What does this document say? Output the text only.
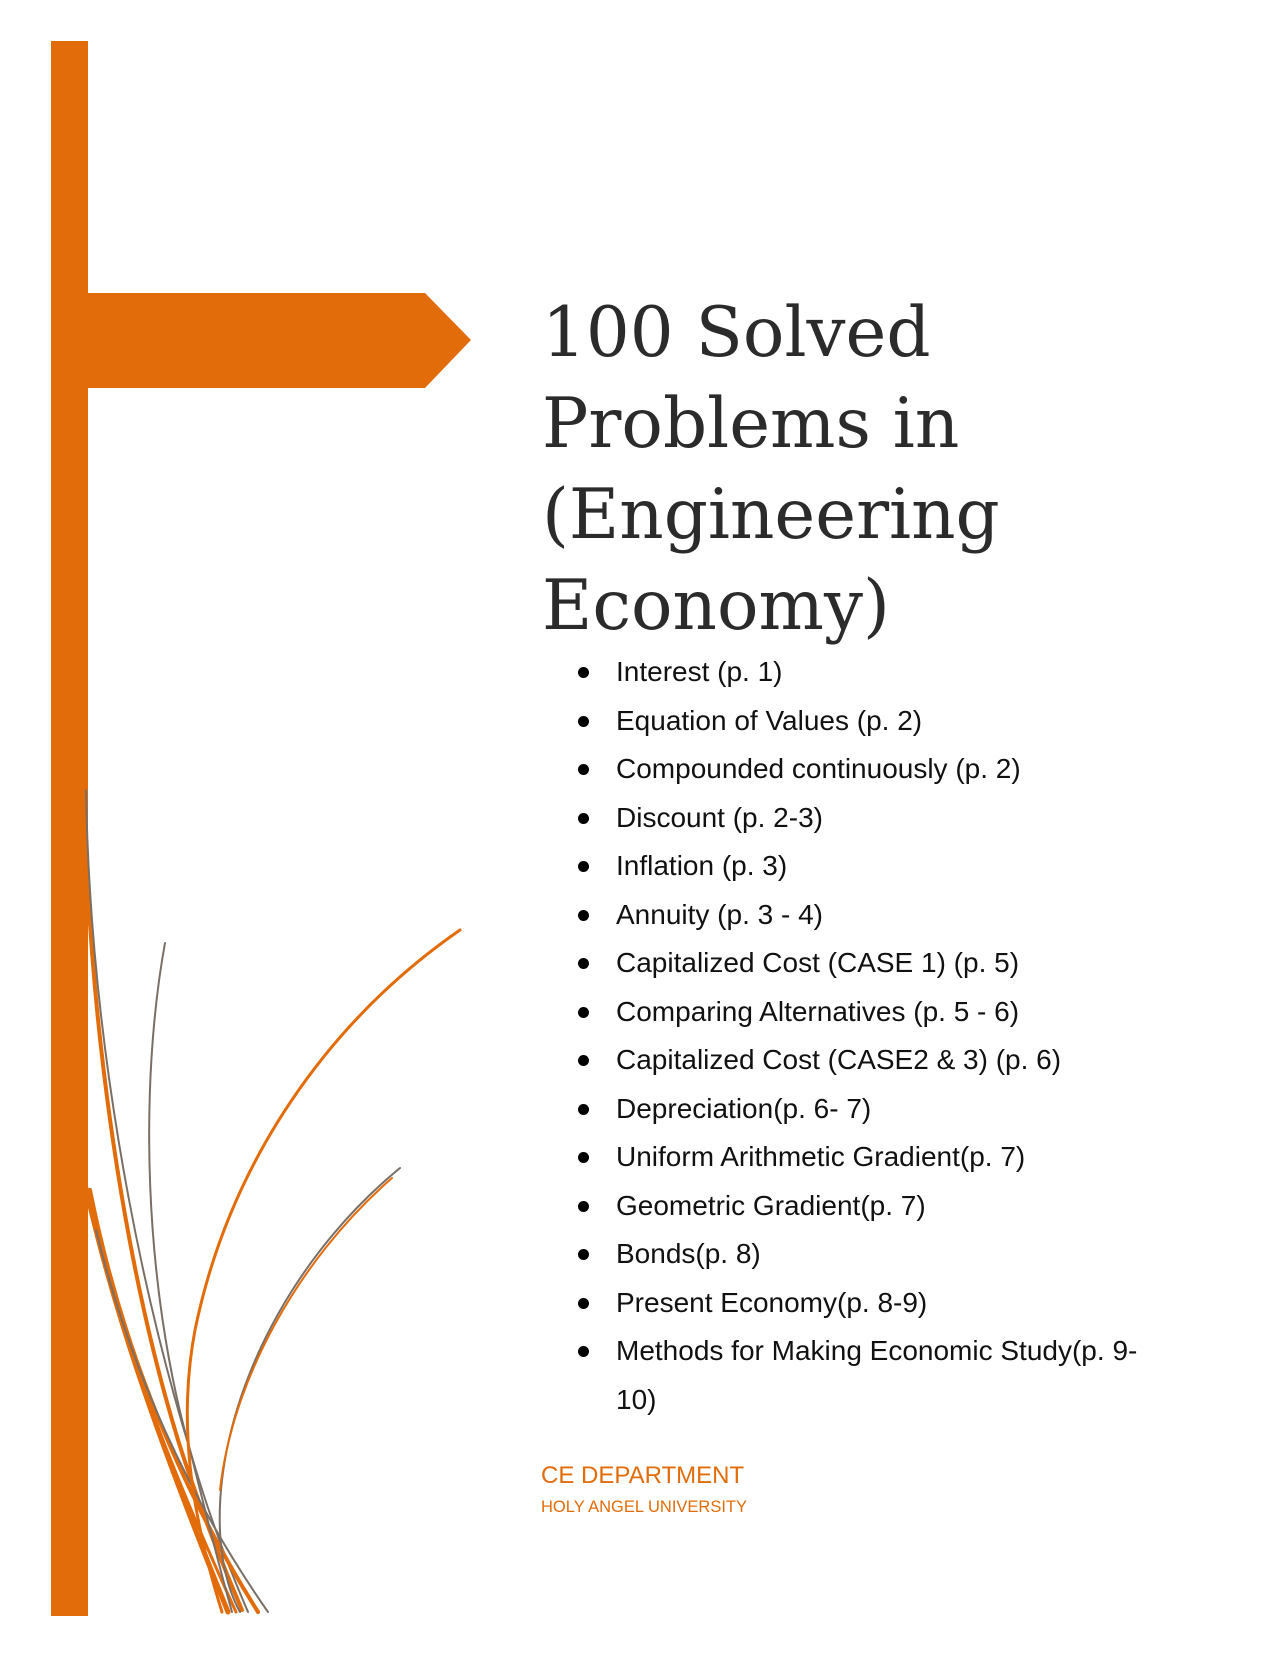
100 Solved
Problems in
(Engineering
Economy)
Interest (p. 1)
Equation of Values (p. 2)
Compounded continuously (p. 2)
Discount (p. 2-3)
Inflation (p. 3)
Annuity (p. 3 - 4)
Capitalized Cost (CASE 1) (p. 5)
Comparing Alternatives (p. 5 - 6)
Capitalized Cost (CASE2 & 3) (p. 6)
Depreciation(p. 6- 7)
Uniform Arithmetic Gradient(p. 7)
Geometric Gradient(p. 7)
Bonds(p. 8)
Present Economy(p. 8-9)
Methods for Making Economic Study(p. 9-10)

CE DEPARTMENT

HOLY ANGEL UNIVERSITY
